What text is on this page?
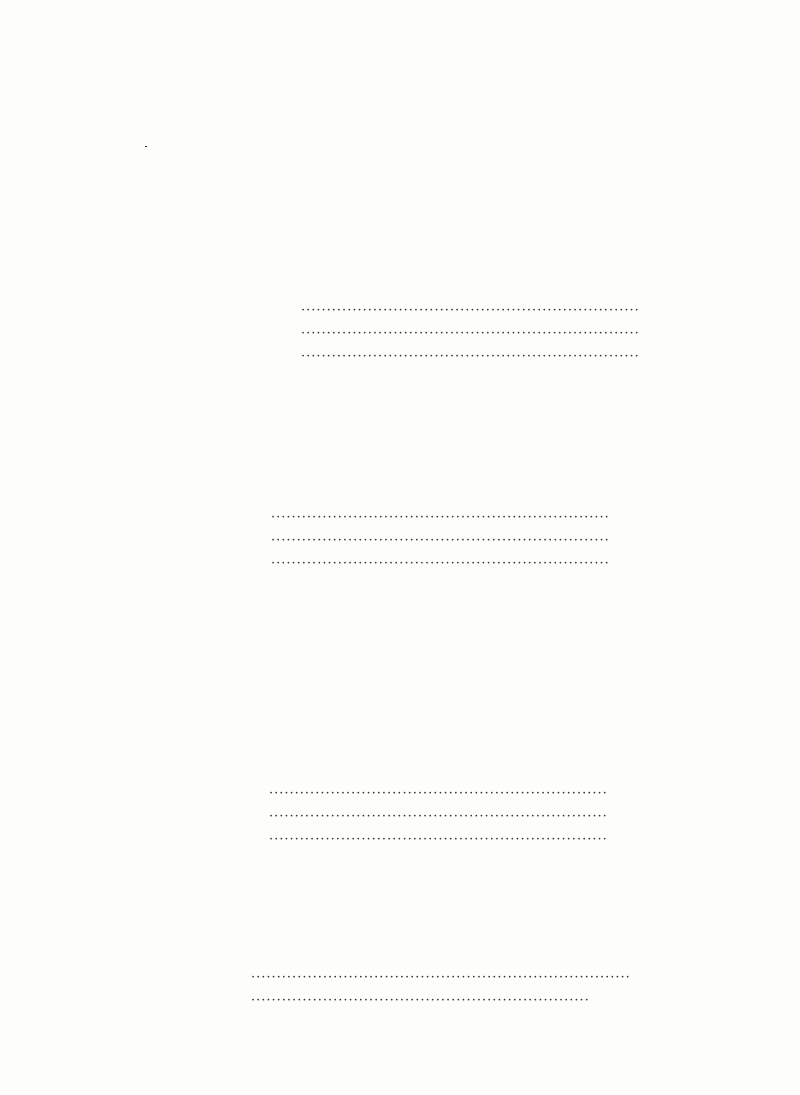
··································································
··································································
··································································
··································································
··································································
··································································
··································································
··································································
··································································
··········································································
··································································
